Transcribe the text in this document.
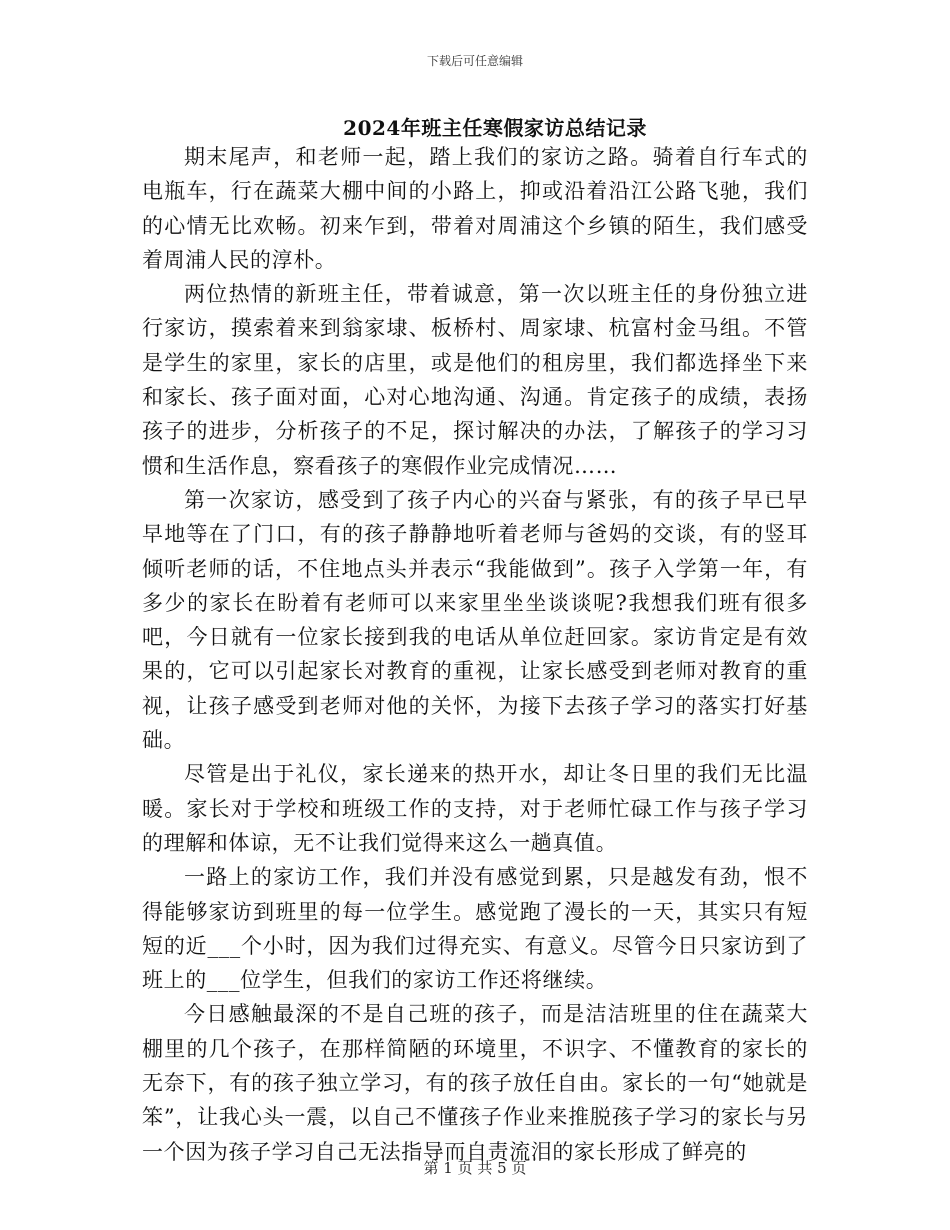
下载后可任意编辑
2024年班主任寒假家访总结记录

期末尾声，和老师一起，踏上我们的家访之路。骑着自行车式的电瓶车，行在蔬菜大棚中间的小路上，抑或沿着沿江公路飞驰，我们的心情无比欢畅。初来乍到，带着对周浦这个乡镇的陌生，我们感受着周浦人民的淳朴。

两位热情的新班主任，带着诚意，第一次以班主任的身份独立进行家访，摸索着来到翁家埭、板桥村、周家埭、杭富村金马组。不管是学生的家里，家长的店里，或是他们的租房里，我们都选择坐下来和家长、孩子面对面，心对心地沟通、沟通。肯定孩子的成绩，表扬孩子的进步，分析孩子的不足，探讨解决的办法，了解孩子的学习习惯和生活作息，察看孩子的寒假作业完成情况……

第一次家访，感受到了孩子内心的兴奋与紧张，有的孩子早已早早地等在了门口，有的孩子静静地听着老师与爸妈的交谈，有的竖耳倾听老师的话，不住地点头并表示“我能做到”。孩子入学第一年，有多少的家长在盼着有老师可以来家里坐坐谈谈呢?我想我们班有很多吧，今日就有一位家长接到我的电话从单位赶回家。家访肯定是有效果的，它可以引起家长对教育的重视，让家长感受到老师对教育的重视，让孩子感受到老师对他的关怀，为接下去孩子学习的落实打好基础。

尽管是出于礼仪，家长递来的热开水，却让冬日里的我们无比温暖。家长对于学校和班级工作的支持，对于老师忙碌工作与孩子学习的理解和体谅，无不让我们觉得来这么一趟真值。

一路上的家访工作，我们并没有感觉到累，只是越发有劲，恨不得能够家访到班里的每一位学生。感觉跑了漫长的一天，其实只有短短的近___个小时，因为我们过得充实、有意义。尽管今日只家访到了班上的___位学生，但我们的家访工作还将继续。

今日感触最深的不是自己班的孩子，而是洁洁班里的住在蔬菜大棚里的几个孩子，在那样简陋的环境里，不识字、不懂教育的家长的无奈下，有的孩子独立学习，有的孩子放任自由。家长的一句“她就是笨”，让我心头一震，以自己不懂孩子作业来推脱孩子学习的家长与另一个因为孩子学习自己无法指导而自责流泪的家长形成了鲜亮的

第 1 页 共 5 页
